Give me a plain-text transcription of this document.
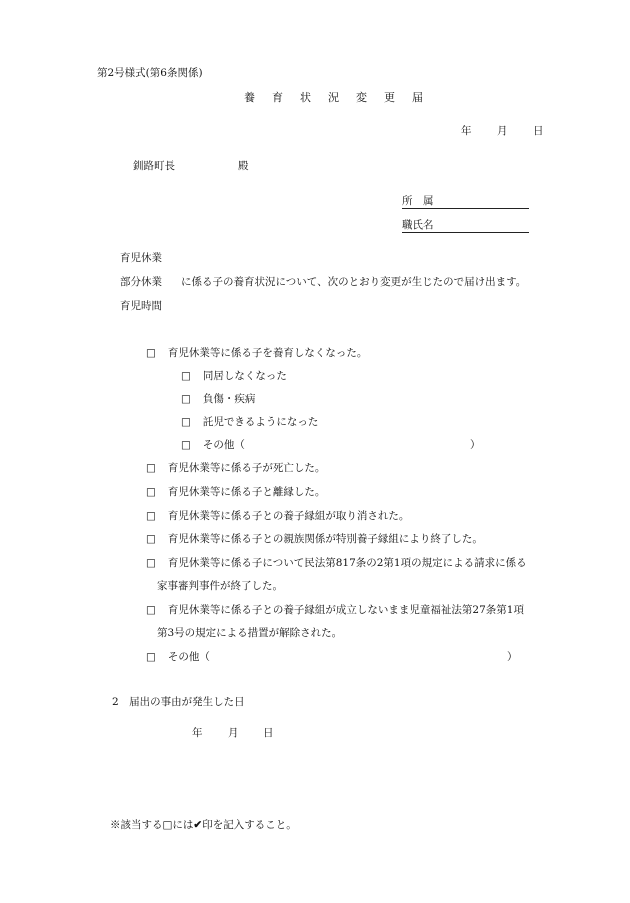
第2号様式(第6条関係)
養 育 状 況 変 更 届
年 月 日
釧路町長	殿
所　属
職氏名
育児休業
部分休業 に係る子の養育状況について、次のとおり変更が生じたので届け出ます。
育児時間
□ 育児休業等に係る子を養育しなくなった。
□ 同居しなくなった
□ 負傷・疾病
□ 託児できるようになった
□ その他（	）
□ 育児休業等に係る子が死亡した。
□ 育児休業等に係る子と離縁した。
□ 育児休業等に係る子との養子縁組が取り消された。
□ 育児休業等に係る子との親族関係が特別養子縁組により終了した。
□ 育児休業等に係る子について民法第817条の2第1項の規定による請求に係る
家事審判事件が終了した。
□ 育児休業等に係る子との養子縁組が成立しないまま児童福祉法第27条第1項
第3号の規定による措置が解除された。
□ その他（	）
2　届出の事由が発生した日
年 月 日
※該当する□には✔印を記入すること。
